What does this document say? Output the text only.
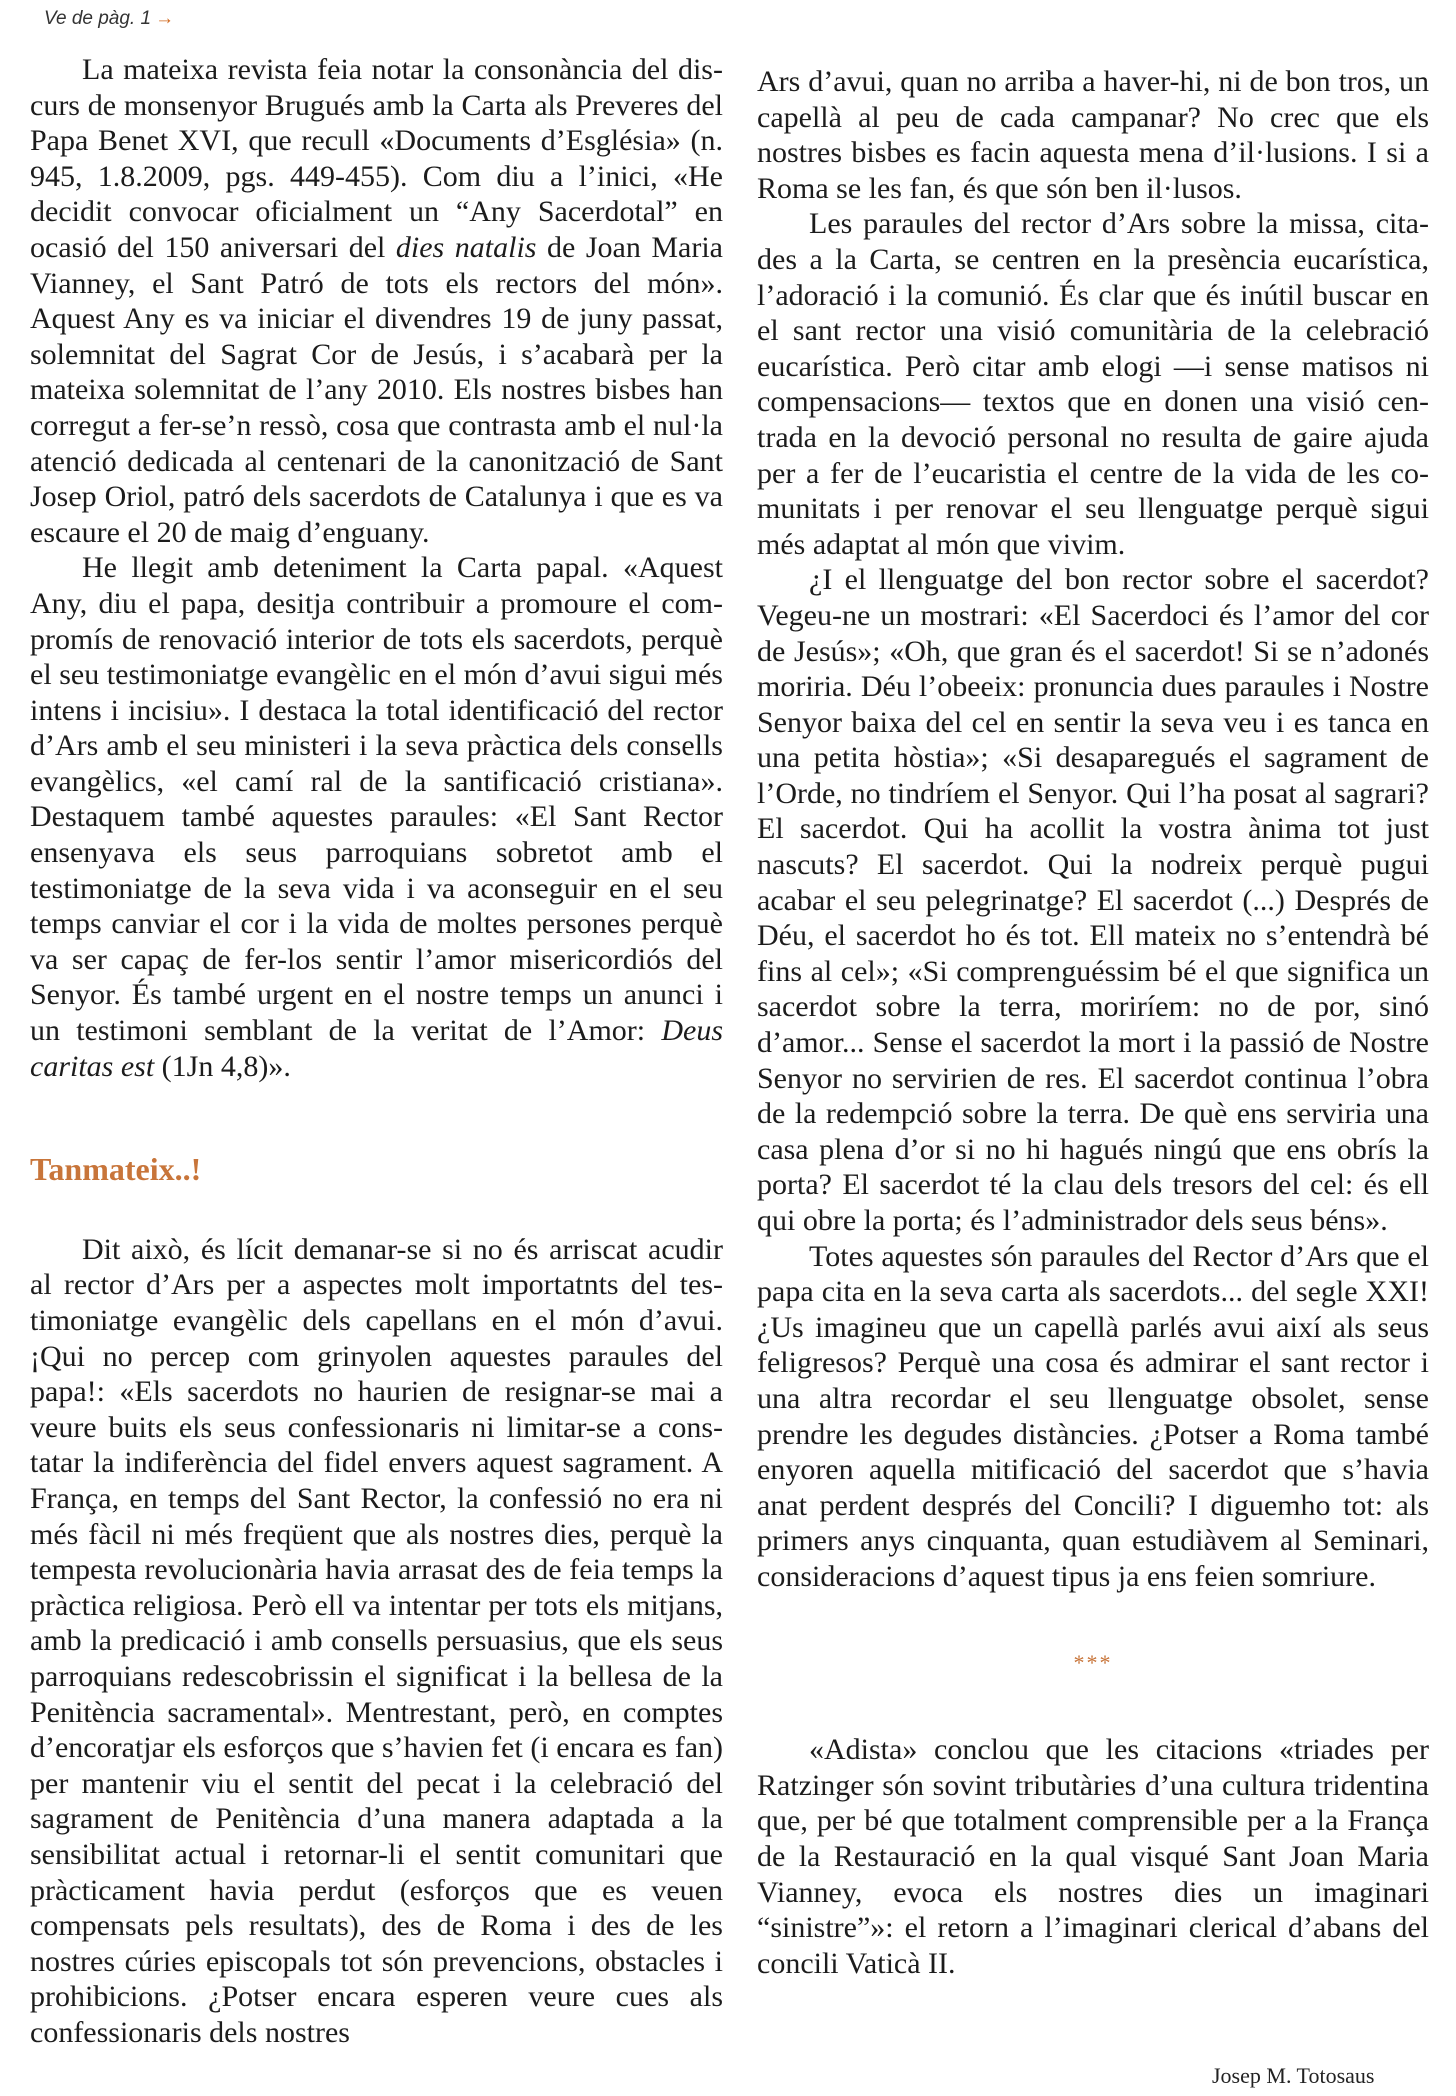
Ve de pàg. 1 →

La mateixa revista feia notar la consonància del discurs de monsenyor Brugués amb la Carta als Preveres del Papa Benet XVI, que recull «Documents d’Església» (n. 945, 1.8.2009, pgs. 449-455). Com diu a l’inici, «He decidit convocar oficialment un “Any Sacerdotal” en ocasió del 150 aniversari del dies natalis de Joan Maria Vianney, el Sant Patró de tots els rectors del món». Aquest Any es va iniciar el divendres 19 de juny passat, solemnitat del Sagrat Cor de Jesús, i s’acabarà per la mateixa solemnitat de l’any 2010. Els nostres bisbes han corregut a fer-se’n ressò, cosa que contrasta amb el nul·la atenció dedicada al centenari de la canonització de Sant Josep Oriol, patró dels sacerdots de Catalunya i que es va escaure el 20 de maig d’enguany.

He llegit amb deteniment la Carta papal. «Aquest Any, diu el papa, desitja contribuir a promoure el compromís de renovació interior de tots els sacerdots, perquè el seu testimoniatge evangèlic en el món d’avui sigui més intens i incisiu». I destaca la total identificació del rector d’Ars amb el seu ministeri i la seva pràctica dels consells evangèlics, «el camí ral de la santificació cristiana». Destaquem també aquestes paraules: «El Sant Rector ensenyava els seus parroquians sobretot amb el testimoniatge de la seva vida i va aconseguir en el seu temps canviar el cor i la vida de moltes persones perquè va ser capaç de fer-los sentir l’amor misericordiós del Senyor. És també urgent en el nostre temps un anunci i un testimoni semblant de la veritat de l’Amor: Deus caritas est (1Jn 4,8)».

Tanmateix..!

Dit això, és lícit demanar-se si no és arriscat acudir al rector d’Ars per a aspectes molt importatnts del testimoniatge evangèlic dels capellans en el món d’avui. ¡Qui no percep com grinyolen aquestes paraules del papa!: «Els sacerdots no haurien de resignar-se mai a veure buits els seus confessionaris ni limitar-se a constatar la indiferència del fidel envers aquest sagrament. A França, en temps del Sant Rector, la confessió no era ni més fàcil ni més freqüent que als nostres dies, perquè la tempesta revolucionària havia arrasat des de feia temps la pràctica religiosa. Però ell va intentar per tots els mitjans, amb la predicació i amb consells persuasius, que els seus parroquians redescobrissin el significat i la bellesa de la Penitència sacramental». Mentrestant, però, en comptes d’encoratjar els esforços que s’havien fet (i encara es fan) per mantenir viu el sentit del pecat i la celebració del sagrament de Penitència d’una manera adaptada a la sensibilitat actual i retornar-li el sentit comunitari que pràcticament havia perdut (esforços que es veuen compensats pels resultats), des de Roma i des de les nostres cúries episcopals tot són prevencions, obstacles i prohibicions. ¿Potser encara esperen veure cues als confessionaris dels nostres

Ars d’avui, quan no arriba a haver-hi, ni de bon tros, un capellà al peu de cada campanar? No crec que els nostres bisbes es facin aquesta mena d’il·lusions. I si a Roma se les fan, és que són ben il·lusos.

Les paraules del rector d’Ars sobre la missa, citades a la Carta, se centren en la presència eucarística, l’adoració i la comunió. És clar que és inútil buscar en el sant rector una visió comunitària de la celebració eucarística. Però citar amb elogi —i sense matisos ni compensacions— textos que en donen una visió centrada en la devoció personal no resulta de gaire ajuda per a fer de l’eucaristia el centre de la vida de les comunitats i per renovar el seu llenguatge perquè sigui més adaptat al món que vivim.

¿I el llenguatge del bon rector sobre el sacerdot? Vegeu-ne un mostrari: «El Sacerdoci és l’amor del cor de Jesús»; «Oh, que gran és el sacerdot! Si se n’adonés moriria. Déu l’obeeix: pronuncia dues paraules i Nostre Senyor baixa del cel en sentir la seva veu i es tanca en una petita hòstia»; «Si desaparegués el sagrament de l’Orde, no tindríem el Senyor. Qui l’ha posat al sagrari? El sacerdot. Qui ha acollit la vostra ànima tot just nascuts? El sacerdot. Qui la nodreix perquè pugui acabar el seu pelegrinatge? El sacerdot (...) Després de Déu, el sacerdot ho és tot. Ell mateix no s’entendrà bé fins al cel»; «Si comprenguéssim bé el que significa un sacerdot sobre la terra, moriríem: no de por, sinó d’amor... Sense el sacerdot la mort i la passió de Nostre Senyor no servirien de res. El sacerdot continua l’obra de la redempció sobre la terra. De què ens serviria una casa plena d’or si no hi hagués ningú que ens obrís la porta? El sacerdot té la clau dels tresors del cel: és ell qui obre la porta; és l’administrador dels seus béns».

Totes aquestes són paraules del Rector d’Ars que el papa cita en la seva carta als sacerdots... del segle XXI! ¿Us imagineu que un capellà parlés avui així als seus feligresos? Perquè una cosa és admirar el sant rector i una altra recordar el seu llenguatge obsolet, sense prendre les degudes distàncies. ¿Potser a Roma també enyoren aquella mitificació del sacerdot que s’havia anat perdent després del Concili? I diguemho tot: als primers anys cinquanta, quan estudiàvem al Seminari, consideracions d’aquest tipus ja ens feien somriure.

***

«Adista» conclou que les citacions «triades per Ratzinger són sovint tributàries d’una cultura tridentina que, per bé que totalment comprensible per a la França de la Restauració en la qual visqué Sant Joan Maria Vianney, evoca els nostres dies un imaginari “sinistre”»: el retorn a l’imaginari clerical d’abans del concili Vaticà II.

Josep M. Totosaus
